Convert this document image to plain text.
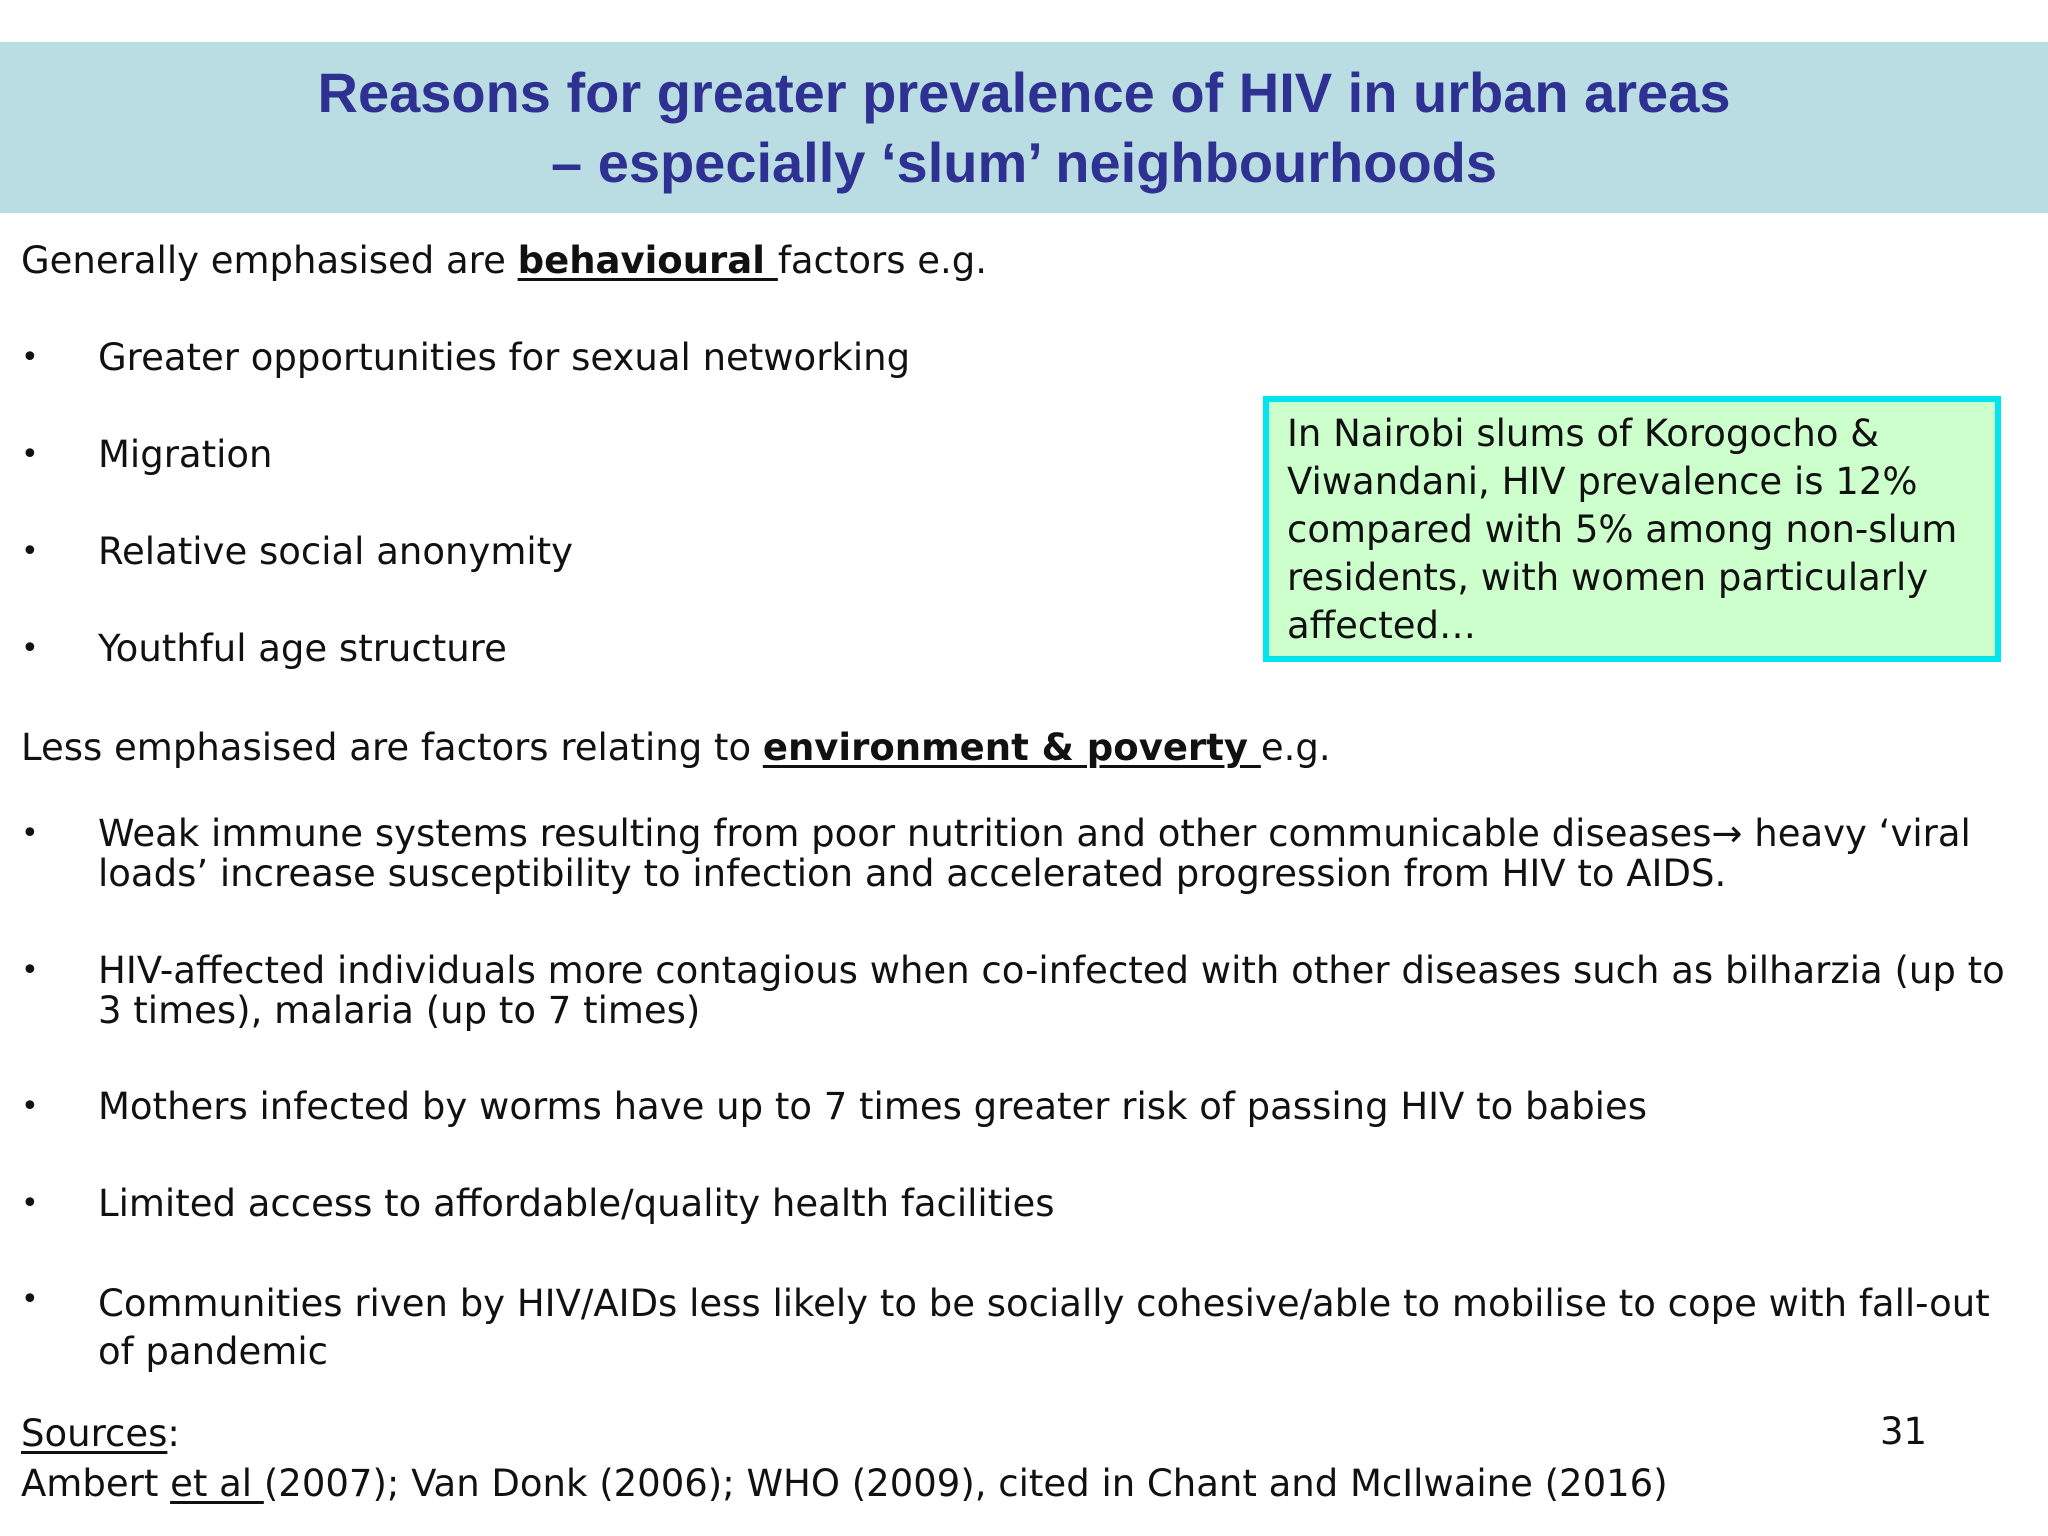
Reasons for greater prevalence of HIV in urban areas
– especially ‘slum’ neighbourhoods
Generally emphasised are behavioural factors e.g.
• Greater opportunities for sexual networking
• Migration
• Relative social anonymity
• Youthful age structure
In Nairobi slums of Korogocho & Viwandani, HIV prevalence is 12% compared with 5% among non-slum residents, with women particularly affected…
Less emphasised are factors relating to environment & poverty e.g.
• Weak immune systems resulting from poor nutrition and other communicable diseases→ heavy ‘viral loads’ increase susceptibility to infection and accelerated progression from HIV to AIDS.
• HIV-affected individuals more contagious when co-infected with other diseases such as bilharzia (up to 3 times), malaria (up to 7 times)
• Mothers infected by worms have up to 7 times greater risk of passing HIV to babies
• Limited access to affordable/quality health facilities
• Communities riven by HIV/AIDs less likely to be socially cohesive/able to mobilise to cope with fall-out of pandemic
Sources:
Ambert et al (2007); Van Donk (2006); WHO (2009), cited in Chant and McIlwaine (2016)
31
